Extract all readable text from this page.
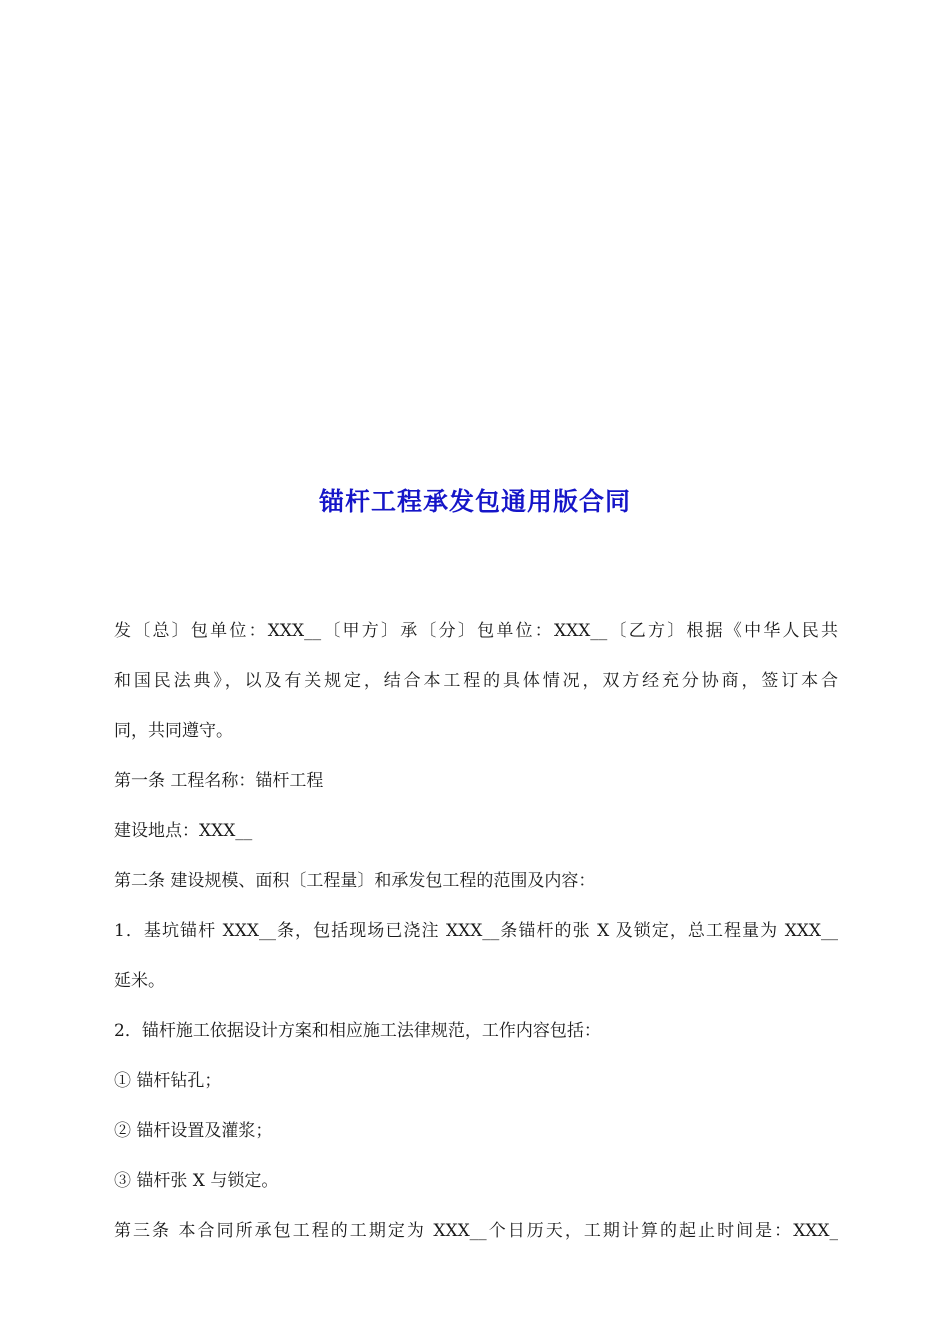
锚杆工程承发包通用版合同
发〔总〕包单位：XXX__〔甲方〕承〔分〕包单位：XXX__〔乙方〕根据《中华人民共
和国民法典》，以及有关规定，结合本工程的具体情况，双方经充分协商，签订本合
同，共同遵守。
第一条 工程名称：锚杆工程
建设地点：XXX__
第二条 建设规模、面积〔工程量〕和承发包工程的范围及内容：
1．基坑锚杆 XXX__条，包括现场已浇注 XXX__条锚杆的张 X 及锁定，总工程量为 XXX__
延米。
2．锚杆施工依据设计方案和相应施工法律规范，工作内容包括：
① 锚杆钻孔；
② 锚杆设置及灌浆；
③ 锚杆张 X 与锁定。
第三条 本合同所承包工程的工期定为 XXX__个日历天，工期计算的起止时间是：XXX_
